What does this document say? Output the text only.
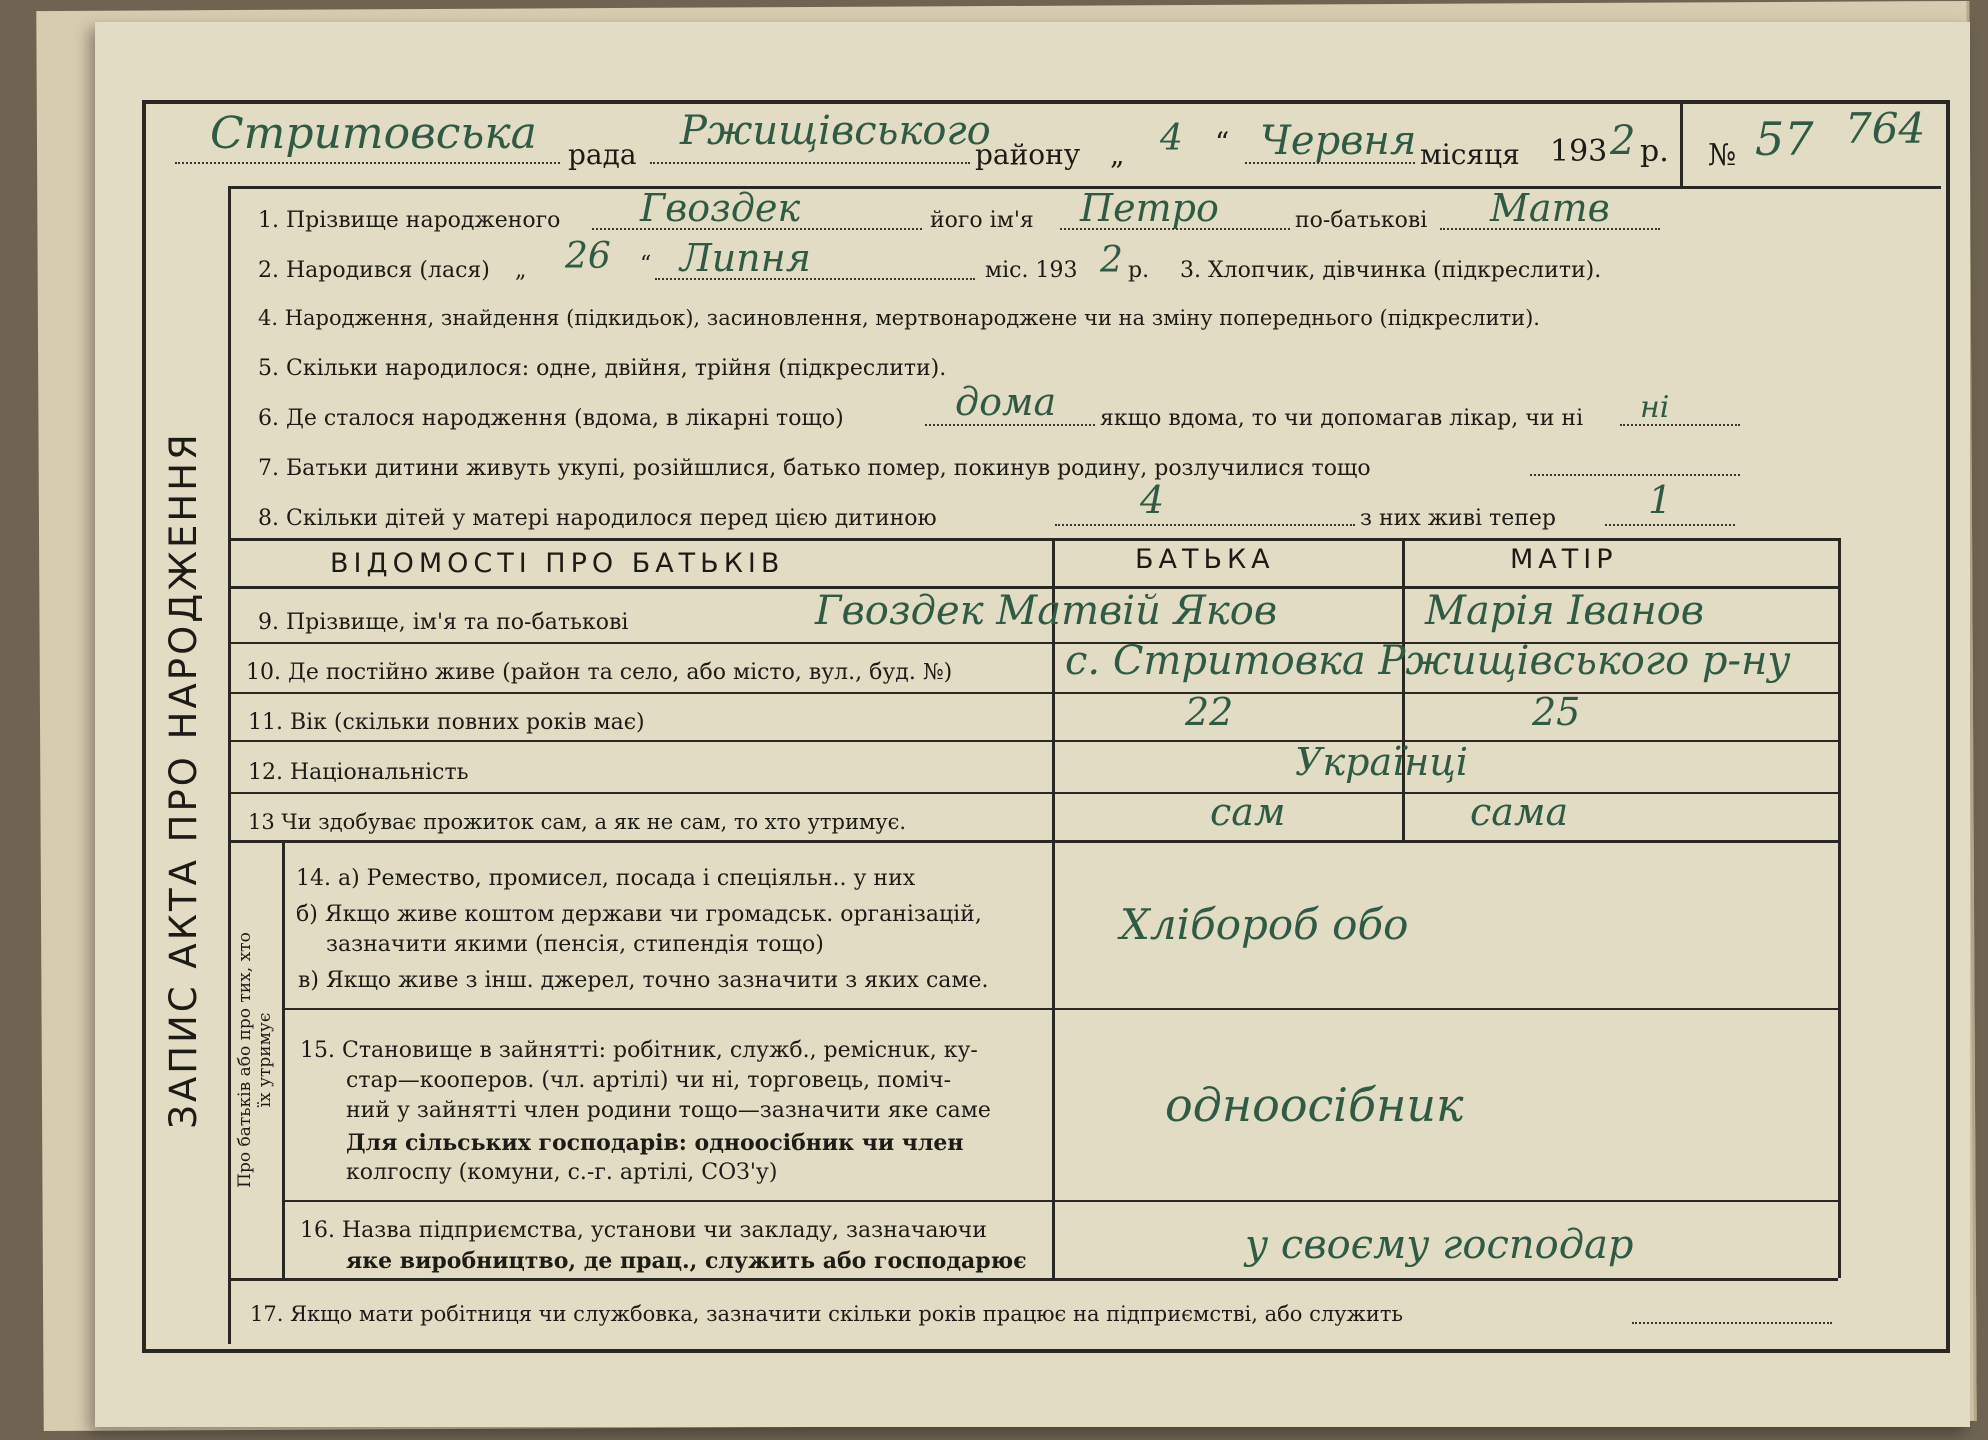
Стритовська рада
Ржищівського
району „ 4 “ Червня місяця 193 2 р. № 57 764
ЗАПИС АКТА ПРО НАРОДЖЕННЯ
1. Прізвище народженого Гвоздек	його ім'я Петро	по-батькові Матв
2. Народився (лася) „ 26 “ Липня	міс. 193 2 р. 3. Хлопчик, дівчинка (підкреслити).
4. Народження, знайдення (підкидьок), засиновлення, мертвонароджене чи на зміну попереднього (підкреслити).
5. Скільки народилося: одне, двійня, трійня (підкреслити).
6. Де сталося народження (вдома, в лікарні тощо)	дома якщо вдома, то чи допомагав лікар, чи ні ні
7. Батьки дитини живуть укупі, розійшлися, батько помер, покинув родину, розлучилися тощо
8. Скільки дітей у матері народилося перед цією дитиною	4	з них живі тепер 1
ВІДОМОСТІ ПРО БАТЬКІВ	БАТЬКА	МАТІР
9. Прізвище, ім'я та по-батькові	Гвоздек Матвій Яков	Марія Іванов
10. Де постійно живе (район та село, або місто, вул., буд. №)	с. Стритовка Ржищівського р-ну
11. Вік (скільки повних років має)	22	25
12. Національність	Українці
13 Чи здобуває прожиток сам, а як не сам, то хто утримує.	сам	сама
Про батьків або про тих, хто
їх утримує
14. а) Ремество, промисел, посада і спеціяльн.. у них
б) Якщо живе коштом держави чи громадськ. організацій,
зазначити якими (пенсія, стипендія тощо)
в) Якщо живе з інш. джерел, точно зазначити з яких саме.
Хлібороб обо
15. Становище в зайнятті: робітник, служб., реміснuк, ку-
стар—кооперов. (чл. артілі) чи ні, торговець, поміч-
ний у зайнятті член родини тощо—зазначити яке саме
Для сільських господарів: одноосібник чи член
колгоспу (комуни, с.-г. артілі, СОЗ'у)
одноосібник
16. Назва підприємства, установи чи закладу, зазначаючи
яке виробництво, де прац., служить або господарює	у своєму господар
17. Якщо мати робітниця чи службовка, зазначити скільки років працює на підприємстві, або служить
